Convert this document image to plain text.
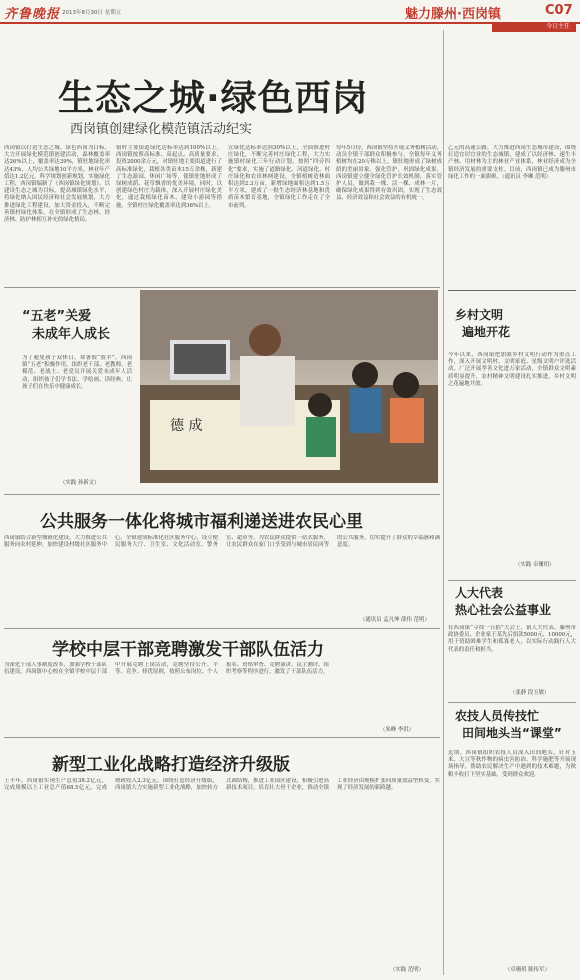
齐鲁晚报 2013年8月30日 星期五	魅力滕州·西岗镇	C07
今日主任
生态之城·绿色西岗
西岗镇创建绿化模范镇活动纪实
西岗镇以打造生态之城、绿色西岗为目标，大力开展绿化模范镇创建活动，森林覆盖率达26%以上，覆盖率达39%，镇驻地绿化率达43%，人均公共绿地10平方米，林业年产值达1.2亿元。科学规划创新规划，实施绿化工程，西岗镇编制了《西岗镇绿化规划》，以建设生态之城为目标，提高城镇绿化水平，将绿化纳入国民经济和社会发展规划，大力推进绿化工程建设，加大资金投入，不断完善镇村绿化体系，在全镇形成了生态林、经济林、防护林相互补充的绿化格局。
镇村主要街道绿化达标率达到100%以上。西岗镇按照高标准、高起点、高质量要求，投资2000余万元，对镇驻地主要街道进行了高标准绿化，栽植各类苗木15万余株，新建了生态游园、休闲广场等，使镇驻地形成了绿树成荫、花草飘香的优美环境。同时，以创建绿色村庄为载体，深入开展村庄绿化美化，通过栽植绿化苗木、建设小游园等措施，全镇村庄绿化覆盖率达到36%以上。
宣绿化达标率达到30%以上，全面推进村庄绿化，不断完善村庄绿化工程，大力实施镇村绿化三年行动计划，按照“四旁四化”要求，实施了道路绿化、河道绿化、村庄绿化和农田林网建设，全镇植树造林面积达到2.3万亩，新增绿地面积达到1.5万平方米，建成了一批生态经济林基地和优质苗木繁育基地，全镇绿化工作走在了全市前列。
每年5月份，西岗镇坚持开展义务植树活动，动员全镇干部群众积极参与，全镇每年义务植树均在20万株以上，镇驻地形成了绿树成荫的美丽景象。强化管护，巩固绿化成果，西岗镇建立健全绿化管护长效机制，落实管护人员，做到栽一棵、活一棵、成林一片，确保绿化成果得到有效巩固，实现了生态效益、经济效益和社会效益的有机统一。
乙元的高速公路，大力推进西岗生态城市建设，围绕打造宜居宜业的生态城镇，建成了以经济林、速生丰产林、用材林为主的林业产业体系，林业经济成为全镇经济发展的重要支柱。目前，西岗镇已成为滕州市绿化工作的一面旗帜。（通讯员 李琳 范明）
“五老”关爱
未成年人成长
为了避免孩子双休日、寒暑假“放羊”，西岗镇“五老”积极作用，组织老干部、老教师、老模范、老战士、老党员开展关爱未成年人活动，组织孩子们学书法、学绘画、读经典，让孩子们在快乐中健康成长。
（实践 孙新文）
德 成
公共服务一体化将城市福利递送进农民心里
西岗镇结合新型城镇化建设，大力推进公共服务向农村延伸，加快建设村级社区服务中心，全镇建成标准化社区服务中心，设立便民服务大厅、卫生室、文化活动室、警务室、超市等，为农民群众提供一站式服务，让农民群众在家门口享受到与城市居民同等的公共服务，切实提升了群众的幸福感和满意度。
（通讯员 孟凡坤 薛伟 范明）
学校中层干部竞聘激发干部队伍活力
为深化干部人事制度改革，加强学校干部队伍建设，西岗镇中心校在全镇学校中层干部中开展竞聘上岗活动，竞聘坚持公开、平等、竞争、择优原则，按照公布岗位、个人报名、资格审查、竞聘演讲、民主测评、组织考察等程序进行，激发了干部队伍活力。
（朱峰 李洪）
新型工业化战略打造经济升级版
上半年，西岗镇实现生产总值38.2亿元，完成规模以上工业总产值68.5亿元，完成财政收入2.3亿元。围绕打造经济升级版，西岗镇大力实施新型工业化战略，加快转方式调结构，推进工业园区建设，积极引进高新技术项目，培育壮大骨干企业，推动全镇工业经济由规模扩张向质量效益型转变，实现了经济发展的新跨越。
（实践 范明）
乡村文明
遍地开花
今年以来，西岗镇把加强乡村文明行动作为重点工作，深入开展文明村、文明家庭、星级文明户评选活动，广泛开展孝善文化进万家活动，全镇群众文明素质明显提升，农村精神文明建设扎实推进，乡村文明之花遍地开放。
（实践 卓珊玥）
人大代表
热心社会公益事业
在西岗镇“寻找一日捐”大会上，镇人大代表、滕州市政协委员、企业家王某先后捐款5000元、10000元，用于资助困难学生和孤寡老人，以实际行动践行人大代表的责任和担当。
（张静 段玉敏）
农技人员传技忙
田间地头当“课堂”
近期，西岗镇组织农技人员深入田间地头，针对玉米、大豆等秋作物的病虫害防治、科学施肥等开展现场指导，帮助农民解决生产中遇到的技术难题，为秋粮丰收打下坚实基础，受到群众欢迎。
（卓珊玥 陈传军）
